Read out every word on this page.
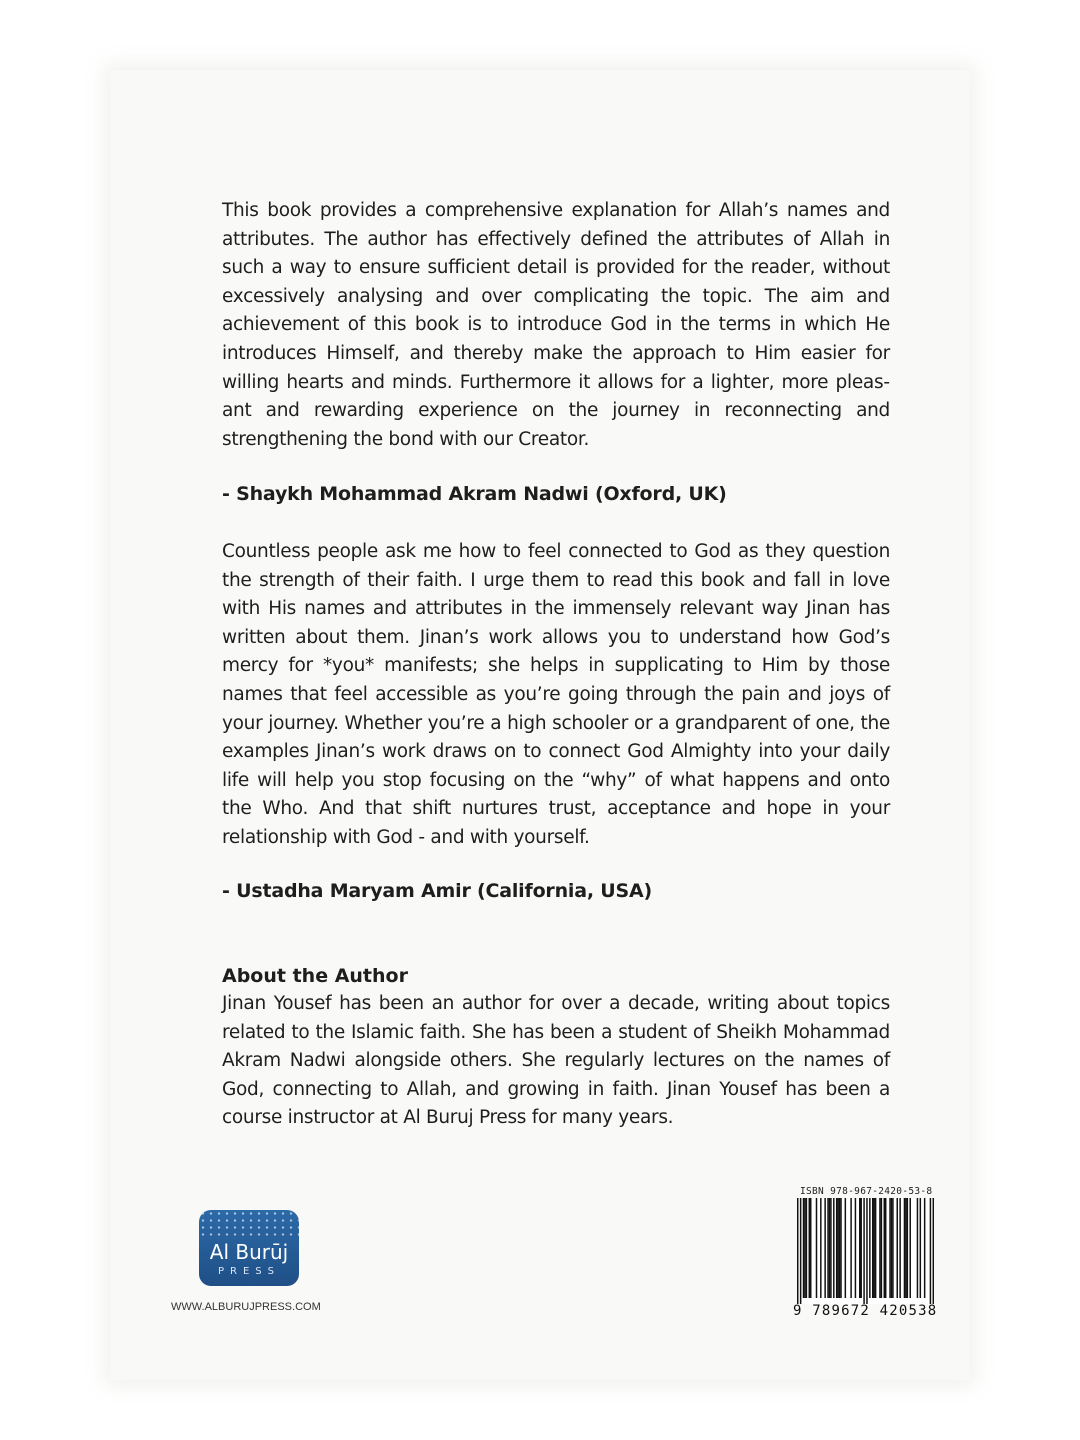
This book provides a comprehensive explanation for Allah’s names and attributes. The author has effectively defined the attributes of Allah in such a way to ensure sufficient detail is provided for the reader, without excessively analysing and over complicating the topic. The aim and achievement of this book is to introduce God in the terms in which He introduces Himself, and thereby make the approach to Him easier for willing hearts and minds. Furthermore it allows for a lighter, more pleasant and rewarding experience on the journey in reconnecting and strengthening the bond with our Creator.

- Shaykh Mohammad Akram Nadwi (Oxford, UK)

Countless people ask me how to feel connected to God as they question the strength of their faith. I urge them to read this book and fall in love with His names and attributes in the immensely relevant way Jinan has written about them. Jinan’s work allows you to understand how God’s mercy for *you* manifests; she helps in supplicating to Him by those names that feel accessible as you’re going through the pain and joys of your journey. Whether you’re a high schooler or a grandparent of one, the examples Jinan’s work draws on to connect God Almighty into your daily life will help you stop focusing on the “why” of what happens and onto the Who. And that shift nurtures trust, acceptance and hope in your relationship with God - and with yourself.

- Ustadha Maryam Amir (California, USA)

About the Author

Jinan Yousef has been an author for over a decade, writing about topics related to the Islamic faith. She has been a student of Sheikh Mohammad Akram Nadwi alongside others. She regularly lectures on the names of God, connecting to Allah, and growing in faith. Jinan Yousef has been a course instructor at Al Buruj Press for many years.

Al Burūj
PRESS
WWW.ALBURUJPRESS.COM
ISBN 978-967-2420-53-8
9 789672 420538
